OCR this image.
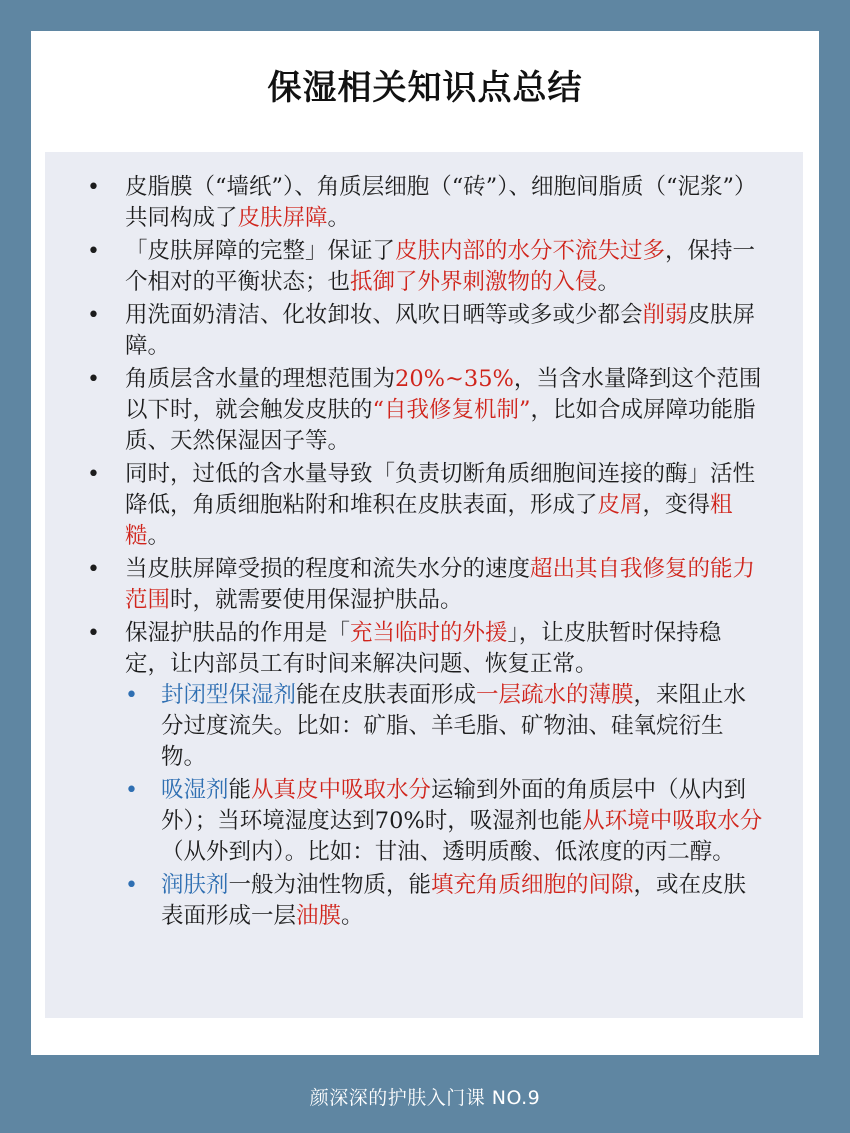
保湿相关知识点总结
• 皮脂膜（“墙纸”）、角质层细胞（“砖”）、细胞间脂质（“泥浆”）共同构成了皮肤屏障。
• 「皮肤屏障的完整」保证了皮肤内部的水分不流失过多，保持一个相对的平衡状态；也抵御了外界刺激物的入侵。
• 用洗面奶清洁、化妆卸妆、风吹日晒等或多或少都会削弱皮肤屏障。
• 角质层含水量的理想范围为20%~35%，当含水量降到这个范围以下时，就会触发皮肤的“自我修复机制”，比如合成屏障功能脂质、天然保湿因子等。
• 同时，过低的含水量导致「负责切断角质细胞间连接的酶」活性降低，角质细胞粘附和堆积在皮肤表面，形成了皮屑，变得粗糙。
• 当皮肤屏障受损的程度和流失水分的速度超出其自我修复的能力范围时，就需要使用保湿护肤品。
• 保湿护肤品的作用是「充当临时的外援」，让皮肤暂时保持稳定，让内部员工有时间来解决问题、恢复正常。
• 封闭型保湿剂能在皮肤表面形成一层疏水的薄膜，来阻止水分过度流失。比如：矿脂、羊毛脂、矿物油、硅氧烷衍生物。
• 吸湿剂能从真皮中吸取水分运输到外面的角质层中（从内到外）；当环境湿度达到70%时，吸湿剂也能从环境中吸取水分（从外到内）。比如：甘油、透明质酸、低浓度的丙二醇。
• 润肤剂一般为油性物质，能填充角质细胞的间隙，或在皮肤表面形成一层油膜。
颜深深的护肤入门课 NO.9
